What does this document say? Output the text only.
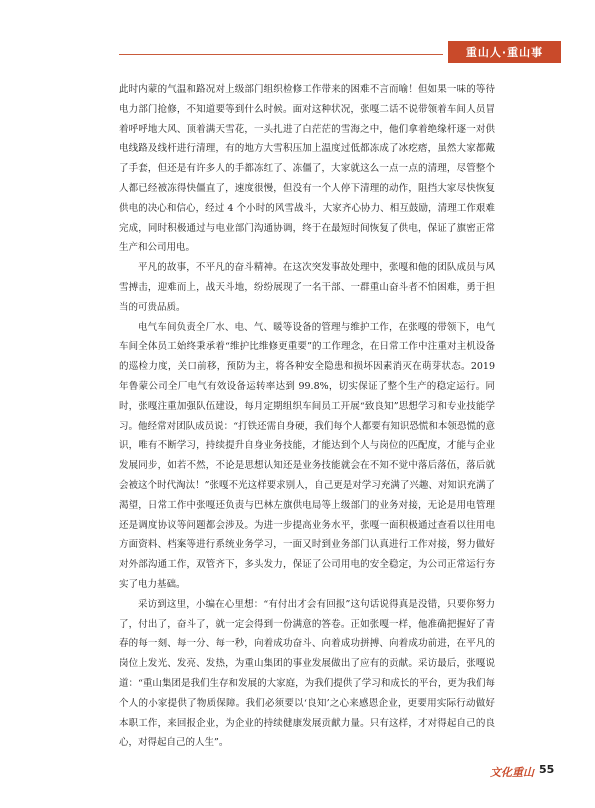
重山人·重山事

此时内蒙的气温和路况对上级部门组织检修工作带来的困难不言而喻！但如果一味的等待电力部门抢修，不知道要等到什么时候。面对这种状况，张嘎二话不说带领着车间人员冒着呼呼地大风、顶着满天雪花，一头扎进了白茫茫的雪海之中，他们拿着绝缘杆逐一对供电线路及线杆进行清理，有的地方大雪积压加上温度过低都冻成了冰疙瘩，虽然大家都戴了手套，但还是有许多人的手都冻红了、冻僵了，大家就这么一点一点的清理，尽管整个人都已经被冻得快僵直了，速度很慢，但没有一个人停下清理的动作，阻挡大家尽快恢复供电的决心和信心，经过 4 个小时的风雪战斗，大家齐心协力、相互鼓励，清理工作艰难完成，同时积极通过与电业部门沟通协调，终于在最短时间恢复了供电，保证了旗密正常生产和公司用电。

平凡的故事，不平凡的奋斗精神。在这次突发事故处理中，张嘎和他的团队成员与风雪搏击，迎难而上，战天斗地，纷纷展现了一名干部、一群重山奋斗者不怕困难，勇于担当的可贵品质。

电气车间负责全厂水、电、气、暖等设备的管理与维护工作，在张嘎的带领下，电气车间全体员工始终秉承着“维护比维修更重要”的工作理念，在日常工作中注重对主机设备的巡检力度，关口前移，预防为主，将各种安全隐患和损坏因素消灭在萌芽状态。2019 年鲁蒙公司全厂电气有效设备运转率达到 99.8%，切实保证了整个生产的稳定运行。同时，张嘎注重加强队伍建设，每月定期组织车间员工开展“致良知”思想学习和专业技能学习。他经常对团队成员说：“打铁还需自身硬，我们每个人都要有知识恐慌和本领恐慌的意识，唯有不断学习，持续提升自身业务技能，才能达到个人与岗位的匹配度，才能与企业发展同步，如若不然，不论是思想认知还是业务技能就会在不知不觉中落后落伍，落后就会被这个时代淘汰！”张嘎不光这样要求别人，自己更是对学习充满了兴趣、对知识充满了渴望，日常工作中张嘎还负责与巴林左旗供电局等上级部门的业务对接，无论是用电管理还是调度协议等问题都会涉及。为进一步提高业务水平，张嘎一面积极通过查看以往用电方面资料、档案等进行系统业务学习，一面又时到业务部门认真进行工作对接，努力做好对外部沟通工作，双管齐下，多头发力，保证了公司用电的安全稳定，为公司正常运行夯实了电力基础。

采访到这里，小编在心里想：“有付出才会有回报”这句话说得真是没错，只要你努力了，付出了，奋斗了，就一定会得到一份满意的答卷。正如张嘎一样，他准确把握好了青春的每一刻、每一分、每一秒，向着成功奋斗、向着成功拼搏、向着成功前进，在平凡的岗位上发光、发亮、发热，为重山集团的事业发展做出了应有的贡献。采访最后，张嘎说道：“重山集团是我们生存和发展的大家庭，为我们提供了学习和成长的平台，更为我们每个人的小家提供了物质保障。我们必须要以‘良知’之心来感恩企业，更要用实际行动做好本职工作，来回报企业，为企业的持续健康发展贡献力量。只有这样，才对得起自己的良心，对得起自己的人生”。

文化重山 55
